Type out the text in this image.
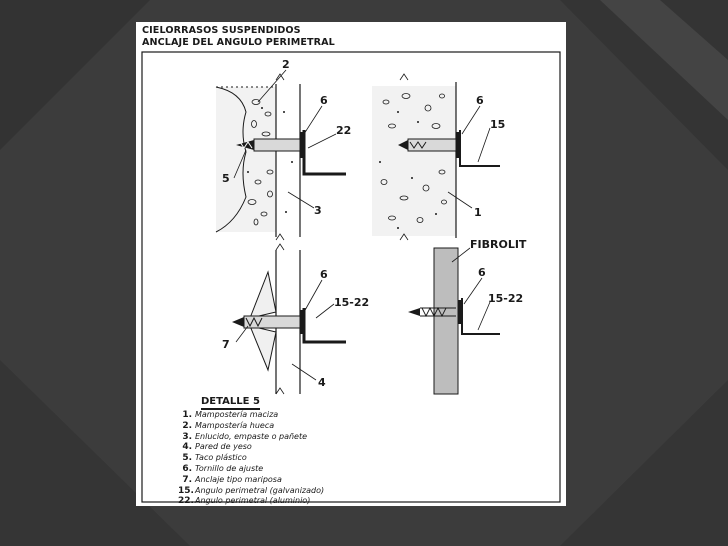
CIELORRASOS SUSPENDIDOS
ANCLAJE DEL ANGULO PERIMETRAL
2
6
22
5
3
6
15
1
6
15-22
7
4
FIBROLIT
6
15-22
DETALLE 5
1. Mampostería maciza
2. Mampostería hueca
3. Enlucido, empaste o pañete
4. Pared de yeso
5. Taco plástico
6. Tornillo de ajuste
7. Anclaje tipo mariposa
15.Angulo perimetral (galvanizado)
22.Angulo perimetral (aluminio)
